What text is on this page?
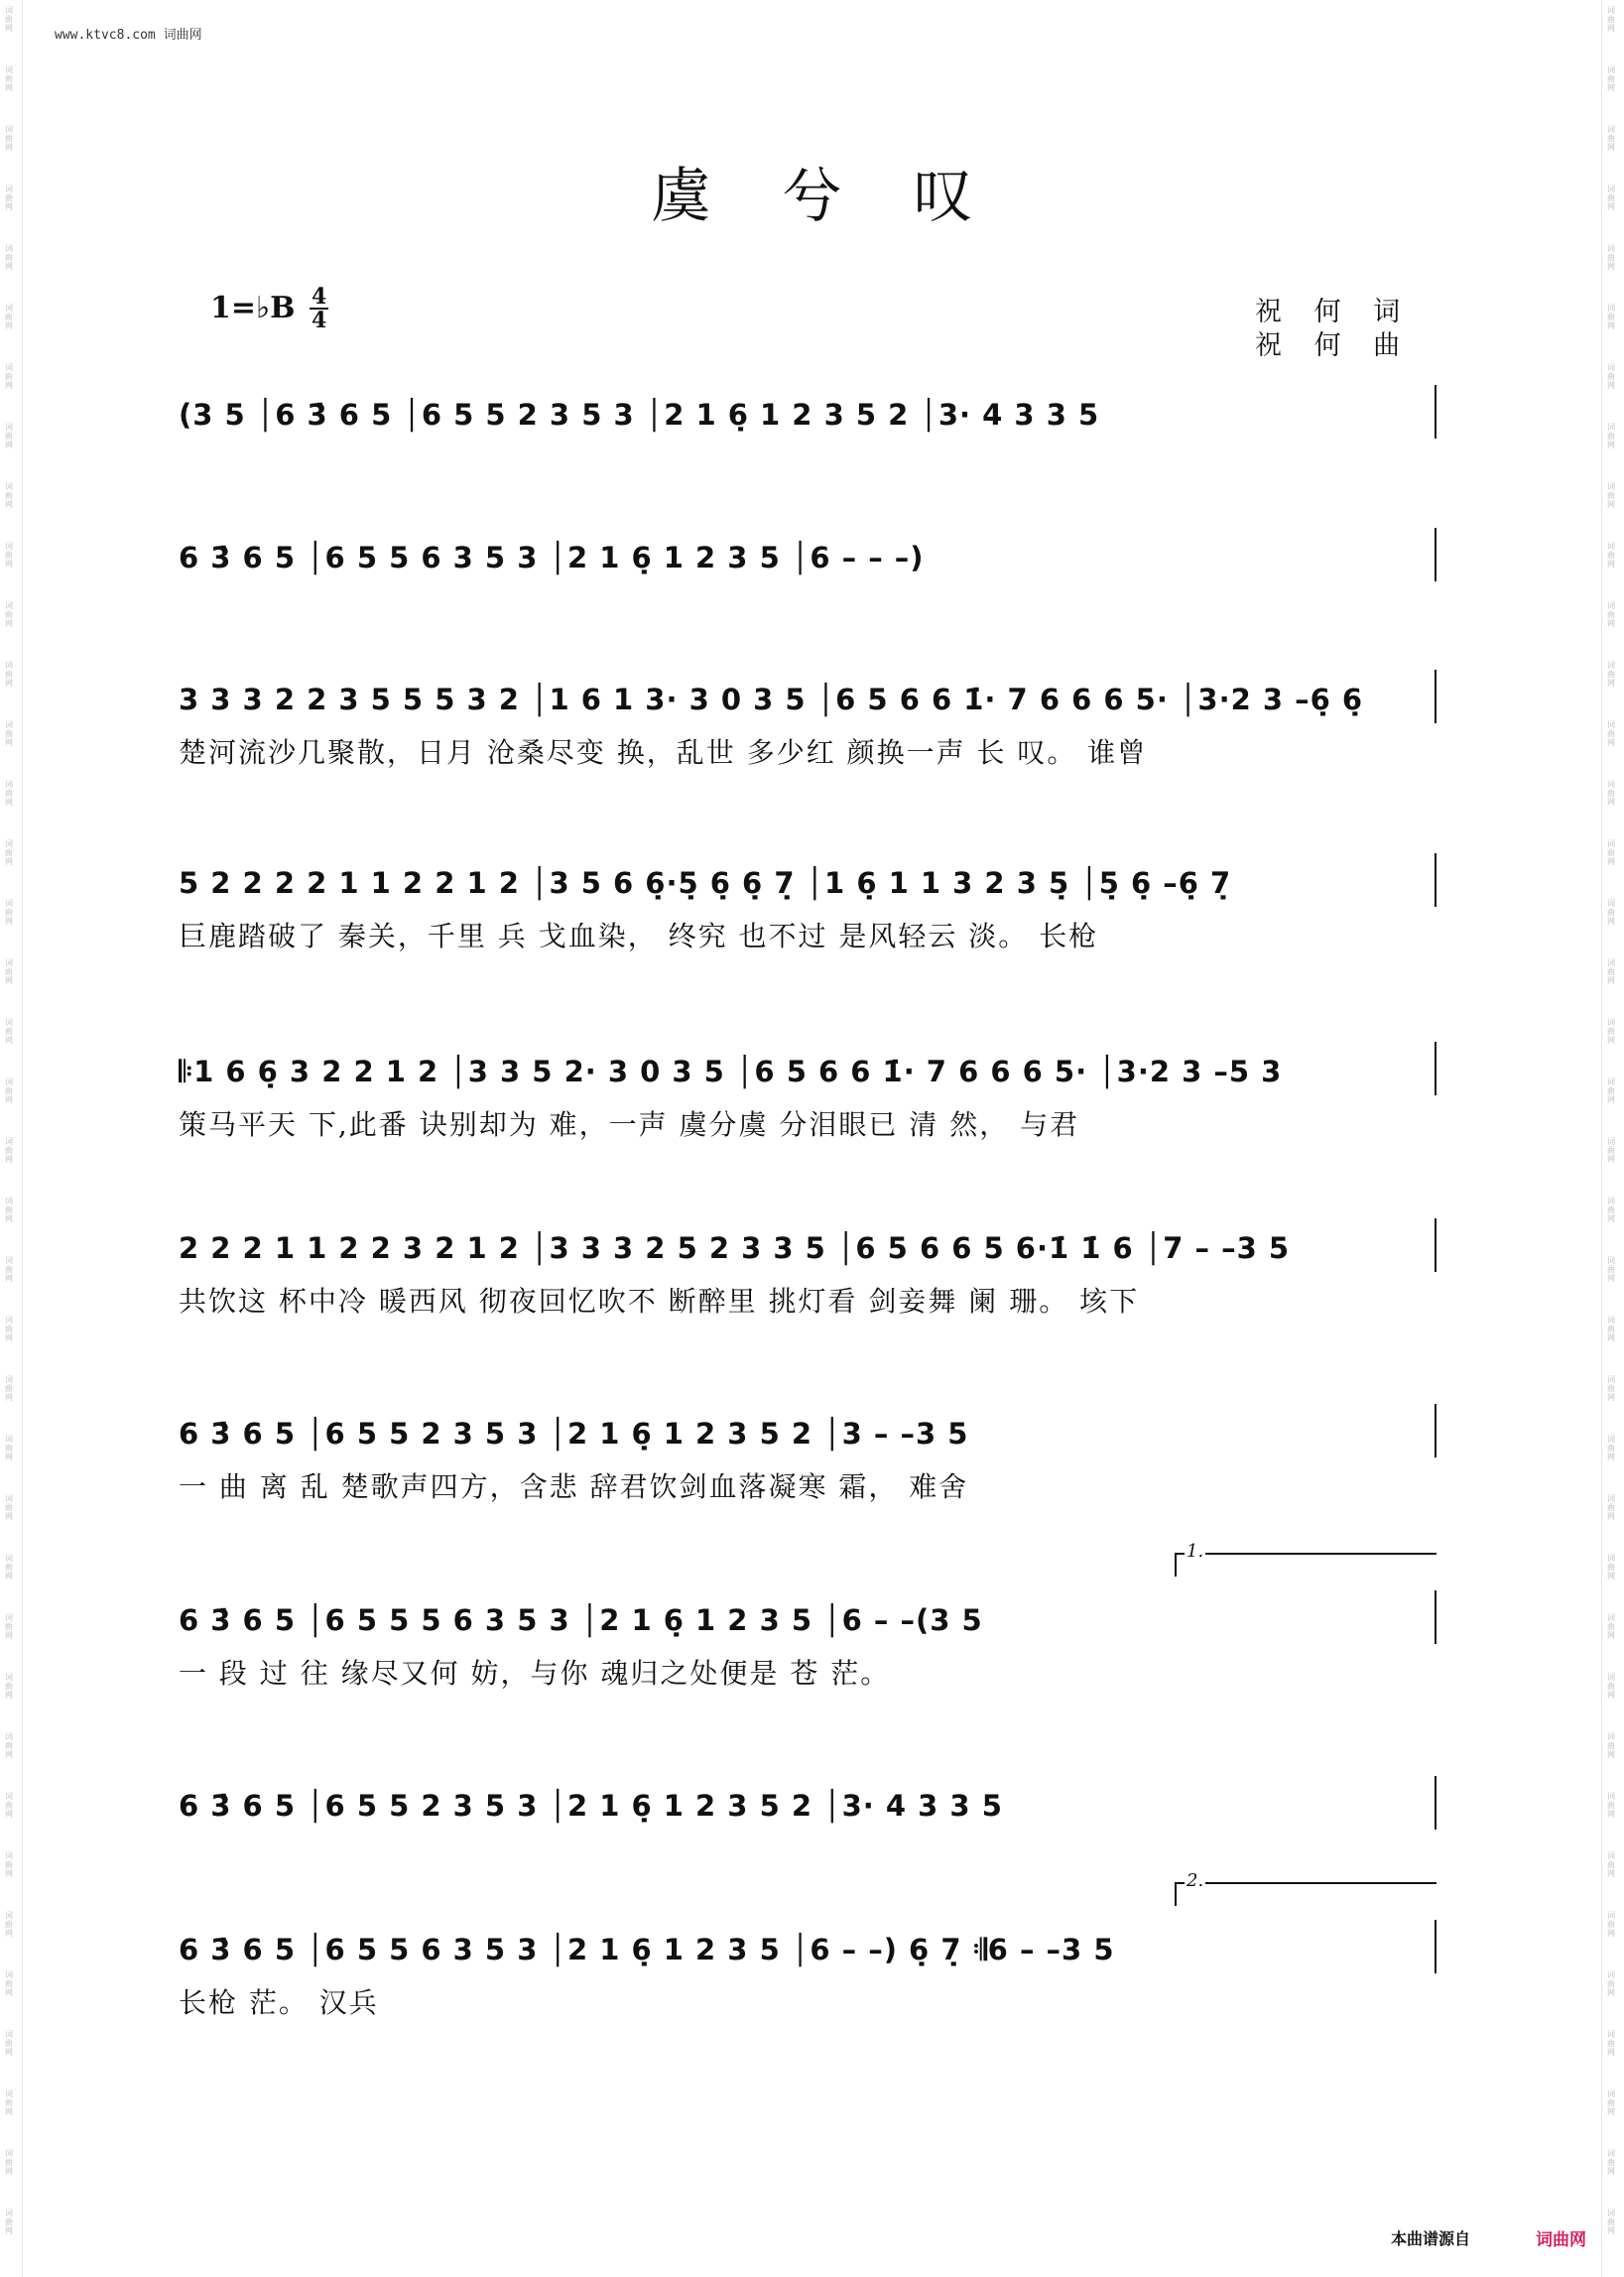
词曲网
词曲网
词曲网
词曲网
词曲网
词曲网
词曲网
词曲网
词曲网
词曲网
词曲网
词曲网
词曲网
词曲网
词曲网
词曲网
词曲网
词曲网
词曲网
词曲网
词曲网
词曲网
词曲网
词曲网
词曲网
词曲网
词曲网
词曲网
词曲网
词曲网
词曲网
词曲网
词曲网
词曲网
词曲网
词曲网
词曲网
词曲网
词曲网
词曲网
词曲网
词曲网
词曲网
词曲网
词曲网
词曲网
词曲网
词曲网
词曲网
词曲网
词曲网
词曲网
词曲网
词曲网
词曲网
词曲网
词曲网
词曲网
词曲网
词曲网
词曲网
词曲网
词曲网
词曲网
词曲网
词曲网
词曲网
词曲网
词曲网
词曲网
词曲网
词曲网
词曲网
词曲网
词曲网
词曲网
www.ktvc8.com 词曲网
虞兮叹
1=♭B 4
4	祝 何 词
祝 何 曲
(3 5 │6 3̇ 6 5 │6 5 5 2 3 5 3 │2 1 6̣ 1 2 3 5 2 │3· 4 3 3 5
6 3̇ 6 5 │6 5 5 6 3 5 3 │2 1 6̣ 1 2 3 5 │6 – – –)
3 3 3 2 2 3 5 5 5 3 2 │1 6 1 3· 3 0 3 5 │6 5 6 6 1̇· 7 6 6 6 5· │3·2 3 –6̣ 6̣
楚河流沙几聚散，日月 沧桑尽变 换，乱世 多少红 颜换一声 长 叹。 谁曾
5 2 2 2 2 1 1 2 2 1 2 │3 5 6 6̣·5̣ 6̣ 6̣ 7̣ │1 6̣ 1 1 3 2 3 5̣ │5̣ 6̣ –6̣ 7̣
巨鹿踏破了 秦关，千里 兵 戈血染， 终究 也不过 是风轻云 淡。 长枪
𝄆1 6 6̣ 3 2 2 1 2 │3 3 5 2· 3 0 3 5 │6 5 6 6 1̇· 7 6 6 6 5· │3·2 3 –5 3
策马平天 下,此番 诀别却为 难，一声 虞分虞 分泪眼已 清 然， 与君
2 2 2 1 1 2 2 3 2 1 2 │3 3 3 2 5 2 3 3 5 │6 5 6 6 5 6·1̇ 1̇ 6 │7 – –3 5
共饮这 杯中冷 暖西风 彻夜回忆吹不 断醉里 挑灯看 剑妾舞 阑 珊。 垓下
6 3̇ 6 5 │6 5 5 2 3 5 3 │2 1 6̣ 1 2 3 5 2 │3 – –3 5
一 曲 离 乱 楚歌声四方，含悲 辞君饮剑血落凝寒 霜， 难舍
6 3̇ 6 5 │6 5 5 5 6 3 5 3 │2 1 6̣ 1 2 3 5 │6 – –(3 5
一 段 过 往 缘尽又何 妨，与你 魂归之处便是 苍 茫。
1.
6 3̇ 6 5 │6 5 5 2 3 5 3 │2 1 6̣ 1 2 3 5 2 │3· 4 3 3 5
6 3̇ 6 5 │6 5 5 6 3 5 3 │2 1 6̣ 1 2 3 5 │6 – –) 6̣ 7̣ 𝄇6 – –3 5
长枪 茫。 汉兵
2.
本曲谱源自	词曲网
